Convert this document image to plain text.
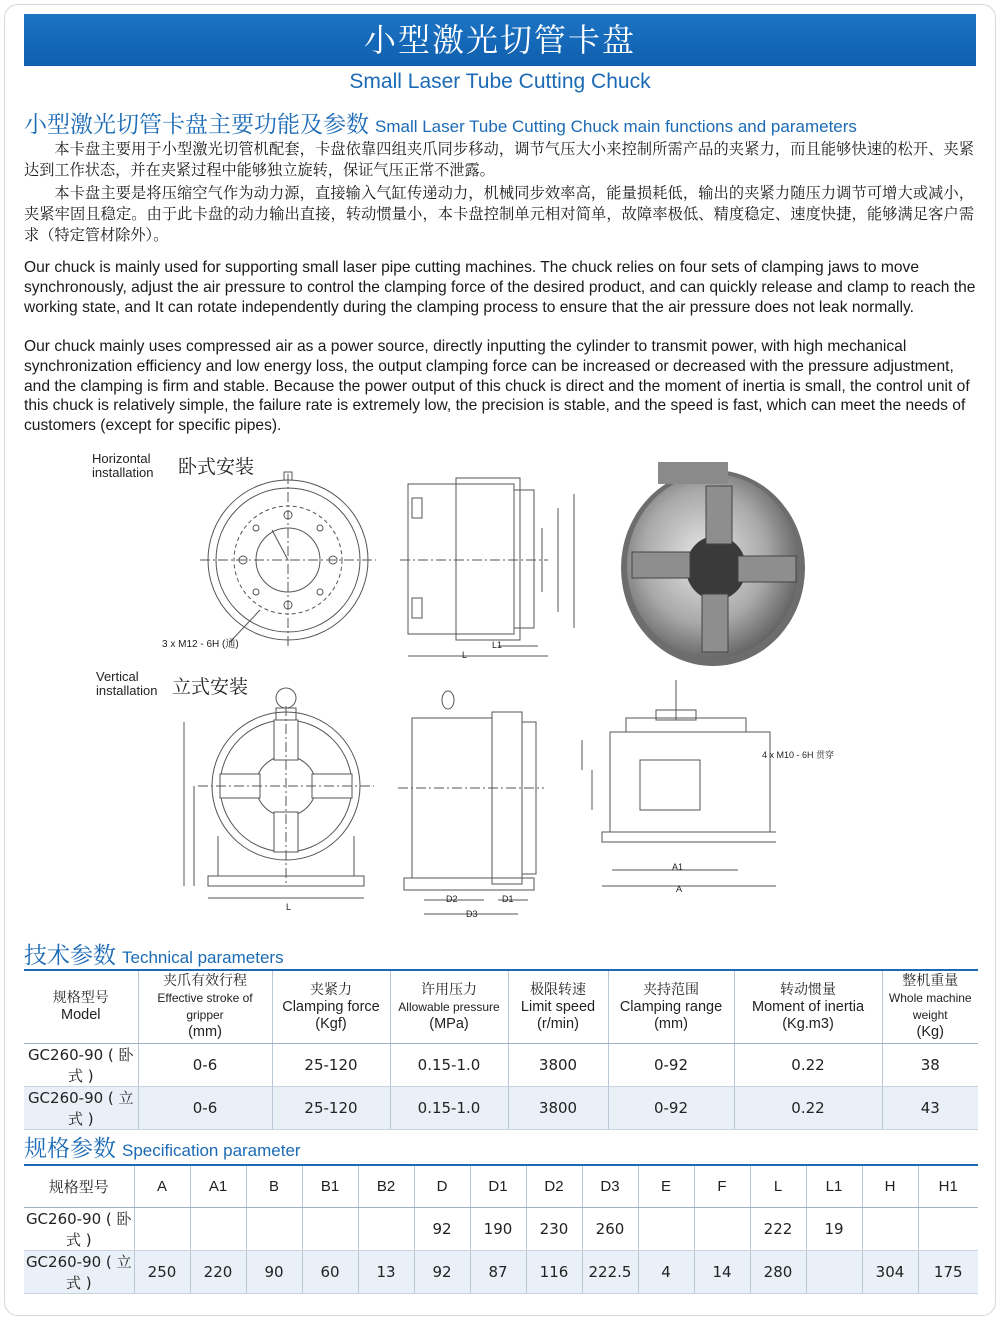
小型激光切管卡盘
Small Laser Tube Cutting Chuck
小型激光切管卡盘主要功能及参数 Small Laser Tube Cutting Chuck main functions and parameters

本卡盘主要用于小型激光切管机配套，卡盘依靠四组夹爪同步移动，调节气压大小来控制所需产品的夹紧力，而且能够快速的松开、夹紧达到工作状态，并在夹紧过程中能够独立旋转，保证气压正常不泄露。

本卡盘主要是将压缩空气作为动力源，直接输入气缸传递动力，机械同步效率高，能量损耗低，输出的夹紧力随压力调节可增大或减小，夹紧牢固且稳定。由于此卡盘的动力输出直接，转动惯量小，本卡盘控制单元相对简单，故障率极低、精度稳定、速度快捷，能够满足客户需求（特定管材除外）。

Our chuck is mainly used for supporting small laser pipe cutting machines. The chuck relies on four sets of clamping jaws to move synchronously, adjust the air pressure to control the clamping force of the desired product, and can quickly release and clamp to reach the working state, and It can rotate independently during the clamping process to ensure that the air pressure does not leak normally.

Our chuck mainly uses compressed air as a power source, directly inputting the cylinder to transmit power, with high mechanical synchronization efficiency and low energy loss, the output clamping force can be increased or decreased with the pressure adjustment, and the clamping is firm and stable. Because the power output of this chuck is direct and the moment of inertia is small, the control unit of this chuck is relatively simple, the failure rate is extremely low, the precision is stable, and the speed is fast, which can meet the needs of customers (except for specific pipes).

Horizontal
installation 卧式安装
Vertical
installation 立式安装
3 x M12 - 6H (通)
L
L1
L
D2
D3
D1
4 x M10 - 6H 贯穿
A1
A
技术参数 Technical parameters
规格型号
Model	夹爪有效行程
Effective stroke of gripper
(mm)	夹紧力
Clamping force
(Kgf)	许用压力
Allowable pressure
(MPa)	极限转速
Limit speed
(r/min)	夹持范围
Clamping range
(mm)	转动惯量
Moment of inertia
(Kg.m3)	整机重量
Whole machine weight
(Kg)

GC260-90 ( 卧式 )	0-6	25-120	0.15-1.0	3800	0-92	0.22	38
GC260-90 ( 立式 )	0-6	25-120	0.15-1.0	3800	0-92	0.22	43
规格参数 Specification parameter
规格型号	A	A1	B	B1	B2	D	D1	D2	D3	E	F	L	L1	H	H1
GC260-90 ( 卧式 )						92	190	230	260			222	19		
GC260-90 ( 立式 )	250	220	90	60	13	92	87	116	222.5	4	14	280		304	175
